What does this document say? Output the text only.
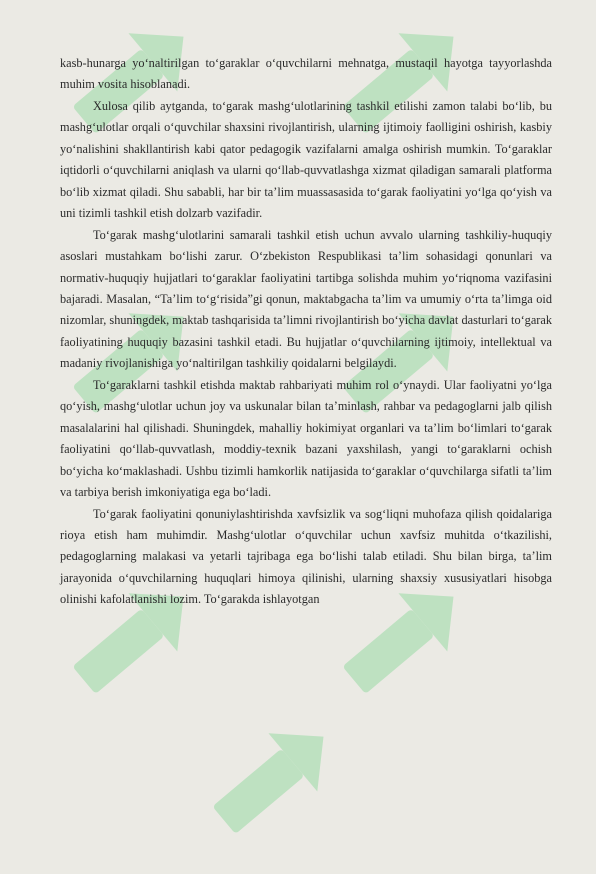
kasb-hunarga yo‘naltirilgan to‘garaklar o‘quvchilarni mehnatga, mustaqil hayotga tayyorlashda muhim vosita hisoblanadi.

Xulosa qilib aytganda, to‘garak mashg‘ulotlarining tashkil etilishi zamon talabi bo‘lib, bu mashg‘ulotlar orqali o‘quvchilar shaxsini rivojlantirish, ularning ijtimoiy faolligini oshirish, kasbiy yo‘nalishini shakllantirish kabi qator pedagogik vazifalarni amalga oshirish mumkin. To‘garaklar iqtidorli o‘quvchilarni aniqlash va ularni qo‘llab-quvvatlashga xizmat qiladigan samarali platforma bo‘lib xizmat qiladi. Shu sababli, har bir ta’lim muassasasida to‘garak faoliyatini yo‘lga qo‘yish va uni tizimli tashkil etish dolzarb vazifadir.

To‘garak mashg‘ulotlarini samarali tashkil etish uchun avvalo ularning tashkiliy-huquqiy asoslari mustahkam bo‘lishi zarur. O‘zbekiston Respublikasi ta’lim sohasidagi qonunlari va normativ-huquqiy hujjatlari to‘garaklar faoliyatini tartibga solishda muhim yo‘riqnoma vazifasini bajaradi. Masalan, “Ta’lim to‘g‘risida”gi qonun, maktabgacha ta’lim va umumiy o‘rta ta’limga oid nizomlar, shuningdek, maktab tashqarisida ta’limni rivojlantirish bo‘yicha davlat dasturlari to‘garak faoliyatining huquqiy bazasini tashkil etadi. Bu hujjatlar o‘quvchilarning ijtimoiy, intellektual va madaniy rivojlanishiga yo‘naltirilgan tashkiliy qoidalarni belgilaydi.

To‘garaklarni tashkil etishda maktab rahbariyati muhim rol o‘ynaydi. Ular faoliyatni yo‘lga qo‘yish, mashg‘ulotlar uchun joy va uskunalar bilan ta’minlash, rahbar va pedagoglarni jalb qilish masalalarini hal qilishadi. Shuningdek, mahalliy hokimiyat organlari va ta’lim bo‘limlari to‘garak faoliyatini qo‘llab-quvvatlash, moddiy-texnik bazani yaxshilash, yangi to‘garaklarni ochish bo‘yicha ko‘maklashadi. Ushbu tizimli hamkorlik natijasida to‘garaklar o‘quvchilarga sifatli ta’lim va tarbiya berish imkoniyatiga ega bo‘ladi.

To‘garak faoliyatini qonuniylashtirishda xavfsizlik va sog‘liqni muhofaza qilish qoidalariga rioya etish ham muhimdir. Mashg‘ulotlar o‘quvchilar uchun xavfsiz muhitda o‘tkazilishi, pedagoglarning malakasi va yetarli tajribaga ega bo‘lishi talab etiladi. Shu bilan birga, ta’lim jarayonida o‘quvchilarning huquqlari himoya qilinishi, ularning shaxsiy xususiyatlari hisobga olinishi kafolatlanishi lozim. To‘garakda ishlayotgan
